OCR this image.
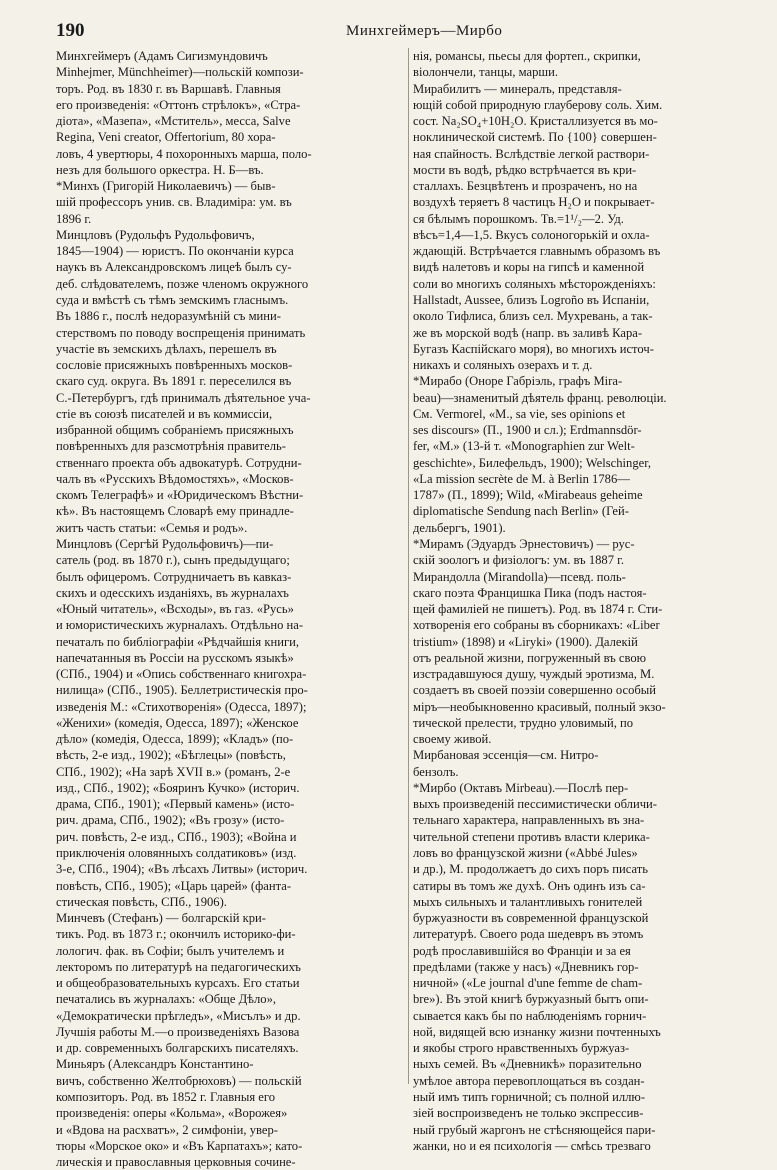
190	Минхгеймеръ—Мирбо
Минхгеймеръ (Адамъ Сигизмундовичъ
Minhejmer, Münchheimer)—польскій компози-
торъ. Род. въ 1830 г. въ Варшавѣ. Главныя
его произведенія: «Оттонъ стрѣлокъ», «Стра-
діота», «Мазепа», «Мститель», месса, Salve
Regina, Veni creator, Offertorium, 80 хора-
ловъ, 4 увертюры, 4 похоронныхъ марша, поло-
незъ для большого оркестра. Н. Б—въ.
*Минхъ (Григорій Николаевичъ) — быв-
шій профессоръ унив. св. Владиміра: ум. въ
1896 г.
Минцловъ (Рудольфъ Рудольфовичъ,
1845—1904) — юристъ. По окончаніи курса
наукъ въ Александровскомъ лицеѣ былъ су-
деб. слѣдователемъ, позже членомъ окружного
суда и вмѣстѣ съ тѣмъ земскимъ гласнымъ.
Въ 1886 г., послѣ недоразумѣній съ мини-
стерствомъ по поводу воспрещенія принимать
участіе въ земскихъ дѣлахъ, перешелъ въ
сословіе присяжныхъ повѣренныхъ москов-
скаго суд. округа. Въ 1891 г. переселился въ
С.-Петербургъ, гдѣ принималъ дѣятельное уча-
стіе въ союзѣ писателей и въ коммиссіи,
избранной общимъ собраніемъ присяжныхъ
повѣренныхъ для разсмотрѣнія правитель-
ственнаго проекта объ адвокатурѣ. Сотрудни-
чалъ въ «Русскихъ Вѣдомостяхъ», «Москов-
скомъ Телеграфѣ» и «Юридическомъ Вѣстни-
кѣ». Въ настоящемъ Словарѣ ему принадле-
житъ часть статьи: «Семья и родъ».
Минцловъ (Сергѣй Рудольфовичъ)—пи-
сатель (род. въ 1870 г.), сынъ предыдущаго;
былъ офицеромъ. Сотрудничаетъ въ кавказ-
скихъ и одесскихъ изданіяхъ, въ журналахъ
«Юный читатель», «Всходы», въ газ. «Русь»
и юмористическихъ журналахъ. Отдѣльно на-
печаталъ по библіографіи «Рѣдчайшія книги,
напечатанныя въ Россіи на русскомъ языкѣ»
(СПб., 1904) и «Опись собственнаго книгохра-
нилища» (СПб., 1905). Беллетристическія про-
изведенія М.: «Стихотворенія» (Одесса, 1897);
«Женихи» (комедія, Одесса, 1897); «Женское
дѣло» (комедія, Одесса, 1899); «Кладъ» (по-
вѣсть, 2-е изд., 1902); «Бѣглецы» (повѣсть,
СПб., 1902); «На зарѣ XVII в.» (романъ, 2-е
изд., СПб., 1902); «Бояринъ Кучко» (историч.
драма, СПб., 1901); «Первый камень» (исто-
рич. драма, СПб., 1902); «Въ грозу» (исто-
рич. повѣсть, 2-е изд., СПб., 1903); «Война и
приключенія оловянныхъ солдатиковъ» (изд.
3-е, СПб., 1904); «Въ лѣсахъ Литвы» (историч.
повѣсть, СПб., 1905); «Царь царей» (фанта-
стическая повѣсть, СПб., 1906).
Минчевъ (Стефанъ) — болгарскій кри-
тикъ. Род. въ 1873 г.; окончилъ историко-фи-
лологич. фак. въ Софіи; былъ учителемъ и
лекторомъ по литературѣ на педагогическихъ
и общеобразовательныхъ курсахъ. Его статьи
печатались въ журналахъ: «Обще Дѣло»,
«Демократически прѣгледъ», «Мисълъ» и др.
Лучшія работы М.—о произведеніяхъ Вазова
и др. современныхъ болгарскихъ писателяхъ.
Миньяръ (Александръ Константино-
вичъ, собственно Желтобрюховъ) — польскій
композиторъ. Род. въ 1852 г. Главныя его
произведенія: оперы «Кольма», «Ворожея»
и «Вдова на расхватъ», 2 симфоніи, увер-
тюры «Морское око» и «Въ Карпатахъ»; като-
лическія и православныя церковныя сочине-
нія, романсы, пьесы для фортеп., скрипки,
віолончели, танцы, марши.
Мирабилитъ — минералъ, представля-
ющій собой природную глауберову соль. Хим.
сост. Na₂SO₄+10H₂O. Кристаллизуется въ мо-
ноклинической системѣ. По {100} совершен-
ная спайность. Вслѣдствіе легкой раствори-
мости въ водѣ, рѣдко встрѣчается въ кри-
сталлахъ. Безцвѣтенъ и прозраченъ, но на
воздухѣ теряетъ 8 частицъ H₂O и покрывает-
ся бѣлымъ порошкомъ. Тв.=1¹/₂—2. Уд.
вѣсъ=1,4—1,5. Вкусъ солоногорькій и охла-
ждающій. Встрѣчается главнымъ образомъ въ
видѣ налетовъ и коры на гипсѣ и каменной
соли во многихъ соляныхъ мѣсторожденіяхъ:
Hallstadt, Aussee, близъ Logroño въ Испаніи,
около Тифлиса, близъ сел. Мухревань, а так-
же въ морской водѣ (напр. въ заливѣ Кара-
Бугазъ Каспійскаго моря), во многихъ источ-
никахъ и соляныхъ озерахъ и т. д.
*Мирабо (Оноре Габріэль, графъ Mira-
beau)—знаменитый дѣятель франц. революціи.
См. Vermorel, «M., sa vie, ses opinions et
ses discours» (П., 1900 и сл.); Erdmannsdör-
fer, «M.» (13-й т. «Monographien zur Welt-
geschichte», Билефельдъ, 1900); Welschinger,
«La mission secrète de M. à Berlin 1786—
1787» (П., 1899); Wild, «Mirabeaus geheime
diplomatische Sendung nach Berlin» (Гей-
дельбергъ, 1901).
*Мирамъ (Эдуардъ Эрнестовичъ) — рус-
скій зоологъ и физіологъ: ум. въ 1887 г.
Мирандолла (Mirandolla)—псевд. поль-
скаго поэта Францишка Пика (подъ настоя-
щей фамиліей не пишетъ). Род. въ 1874 г. Сти-
хотворенія его собраны въ сборникахъ: «Liber
tristium» (1898) и «Liryki» (1900). Далекій
отъ реальной жизни, погруженный въ свою
изстрадавшуюся душу, чуждый эротизма, М.
создаетъ въ своей поэзіи совершенно особый
міръ—необыкновенно красивый, полный экзо-
тической прелести, трудно уловимый, по
своему живой.
Мирбановая эссенція—см. Нитро-
бензолъ.
*Мирбо (Октавъ Mirbeau).—Послѣ пер-
выхъ произведеній пессимистически обличи-
тельнаго характера, направленныхъ въ зна-
чительной степени противъ власти клерика-
ловъ во французской жизни («Abbé Jules»
и др.), М. продолжаетъ до сихъ поръ писать
сатиры въ томъ же духѣ. Онъ одинъ изъ са-
мыхъ сильныхъ и талантливыхъ гонителей
буржуазности въ современной французской
литературѣ. Своего рода шедевръ въ этомъ
родѣ прославившійся во Франціи и за ея
предѣлами (также у насъ) «Дневникъ гор-
ничной» («Le journal d'une femme de cham-
bre»). Въ этой книгѣ буржуазный бытъ опи-
сывается какъ бы по наблюденіямъ горнич-
ной, видящей всю изнанку жизни почтенныхъ
и якобы строго нравственныхъ буржуаз-
ныхъ семей. Въ «Дневникѣ» поразительно
умѣлое автора перевоплощаться въ создан-
ный имъ типъ горничной; съ полной иллю-
зіей воспроизведенъ не только экспрессив-
ный грубый жаргонъ не стѣсняющейся пари-
жанки, но и ея психологія — смѣсь трезваго
